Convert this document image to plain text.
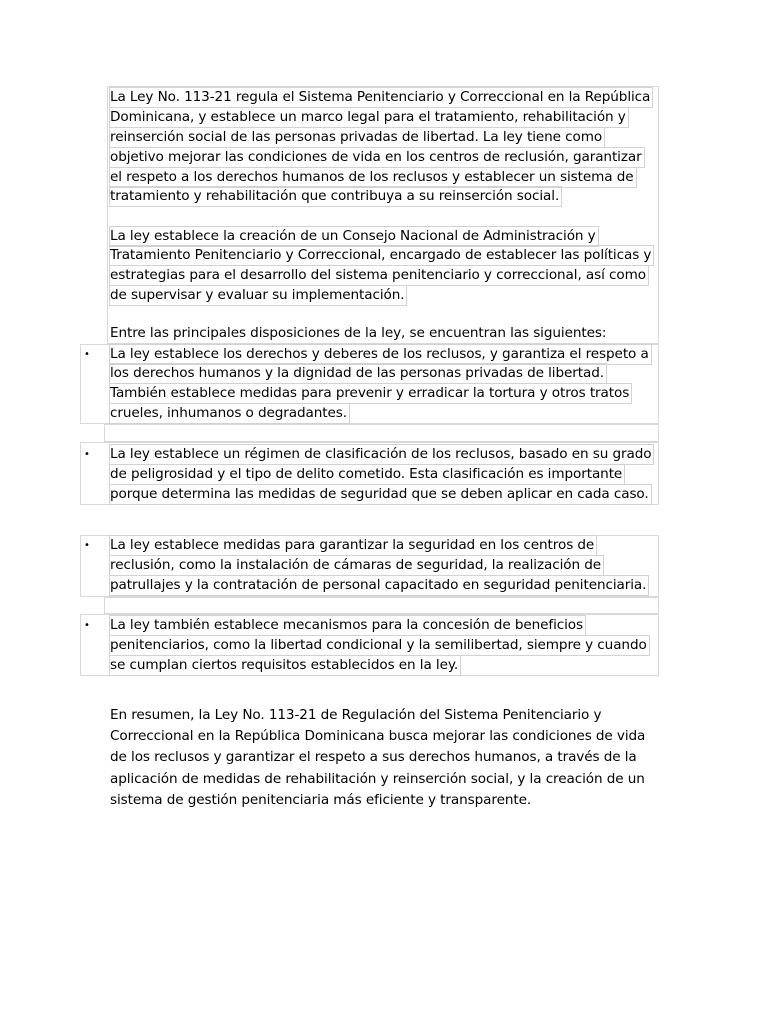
La Ley No. 113-21 regula el Sistema Penitenciario y Correccional en la República
Dominicana, y establece un marco legal para el tratamiento, rehabilitación y
reinserción social de las personas privadas de libertad. La ley tiene como
objetivo mejorar las condiciones de vida en los centros de reclusión, garantizar
el respeto a los derechos humanos de los reclusos y establecer un sistema de
tratamiento y rehabilitación que contribuya a su reinserción social.
La ley establece la creación de un Consejo Nacional de Administración y
Tratamiento Penitenciario y Correccional, encargado de establecer las políticas y
estrategias para el desarrollo del sistema penitenciario y correccional, así como
de supervisar y evaluar su implementación.
Entre las principales disposiciones de la ley, se encuentran las siguientes:
• La ley establece los derechos y deberes de los reclusos, y garantiza el respeto a
los derechos humanos y la dignidad de las personas privadas de libertad.
También establece medidas para prevenir y erradicar la tortura y otros tratos
crueles, inhumanos o degradantes.
• La ley establece un régimen de clasificación de los reclusos, basado en su grado
de peligrosidad y el tipo de delito cometido. Esta clasificación es importante
porque determina las medidas de seguridad que se deben aplicar en cada caso.
• La ley establece medidas para garantizar la seguridad en los centros de
reclusión, como la instalación de cámaras de seguridad, la realización de
patrullajes y la contratación de personal capacitado en seguridad penitenciaria.
• La ley también establece mecanismos para la concesión de beneficios
penitenciarios, como la libertad condicional y la semilibertad, siempre y cuando
se cumplan ciertos requisitos establecidos en la ley.
En resumen, la Ley No. 113-21 de Regulación del Sistema Penitenciario y
Correccional en la República Dominicana busca mejorar las condiciones de vida
de los reclusos y garantizar el respeto a sus derechos humanos, a través de la
aplicación de medidas de rehabilitación y reinserción social, y la creación de un
sistema de gestión penitenciaria más eficiente y transparente.
